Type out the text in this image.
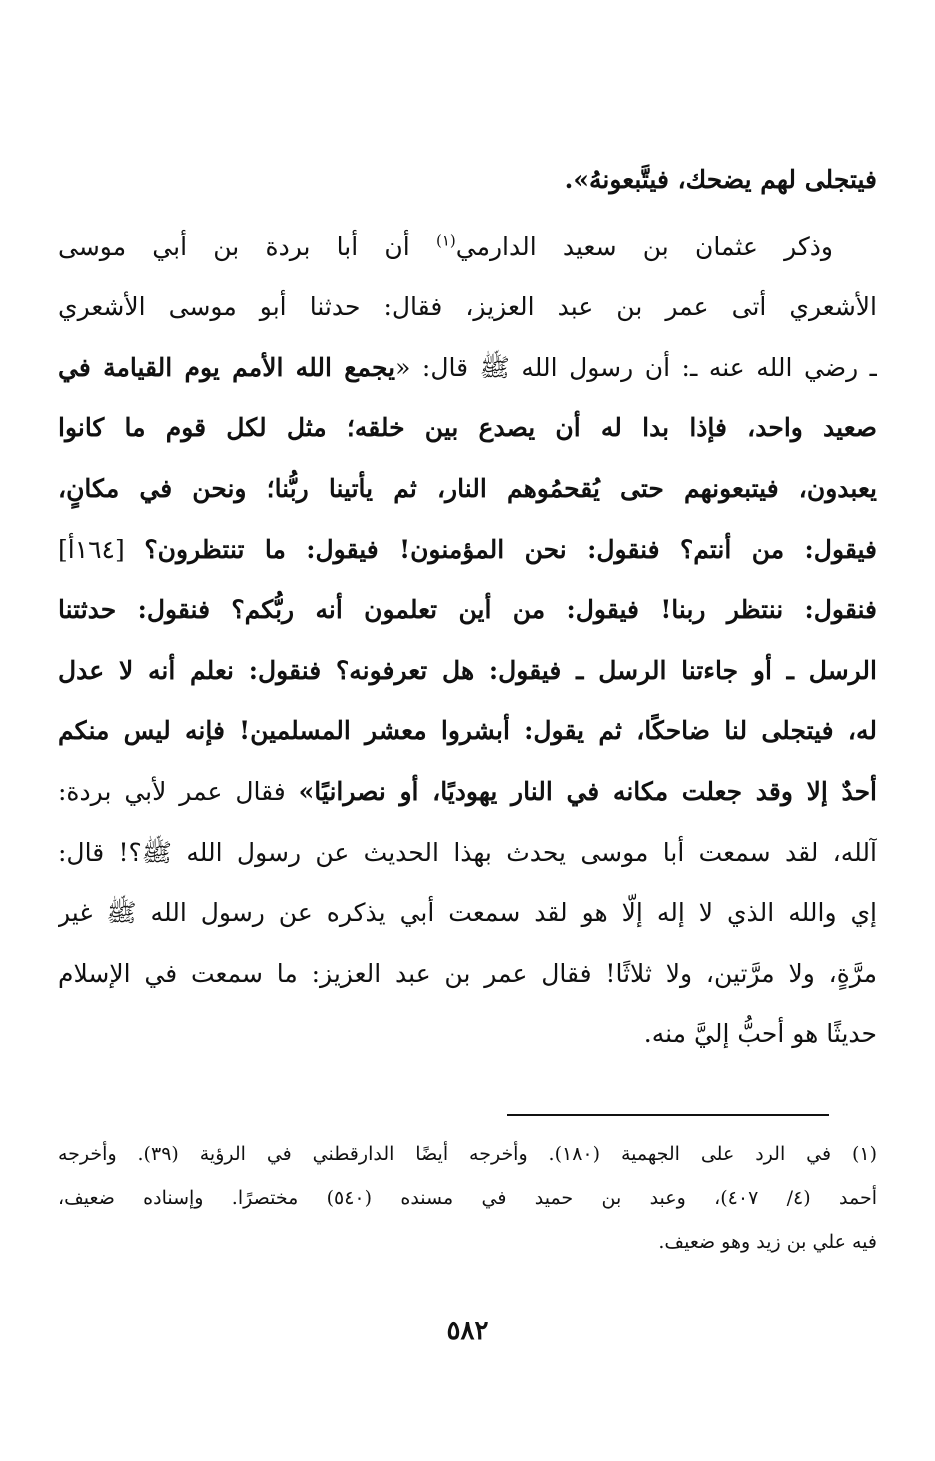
فيتجلى لهم يضحك، فيتَّبعونهُ».
وذكر عثمان بن سعيد الدارمي$^{(١)}$ أن أبا بردة بن أبي موسى
الأشعري أتى عمر بن عبد العزيز، فقال: حدثنا أبو موسى الأشعري
ـ رضي الله عنه ـ: أن رسول الله ﷺ قال: «يجمع الله الأمم يوم القيامة في
صعيد واحد، فإذا بدا له أن يصدع بين خلقه؛ مثل لكل قوم ما كانوا
يعبدون، فيتبعونهم حتى يُقحمُوهم النار، ثم يأتينا ربُّنا؛ ونحن في مكانٍ،
فيقول: من أنتم؟ فنقول: نحن المؤمنون! فيقول: ما تنتظرون؟ [١٦٤أ]
فنقول: ننتظر ربنا! فيقول: من أين تعلمون أنه ربُّكم؟ فنقول: حدثتنا
الرسل ـ أو جاءتنا الرسل ـ فيقول: هل تعرفونه؟ فنقول: نعلم أنه لا عدل
له، فيتجلى لنا ضاحكًا، ثم يقول: أبشروا معشر المسلمين! فإنه ليس منكم
أحدٌ إلا وقد جعلت مكانه في النار يهوديًا، أو نصرانيًا» فقال عمر لأبي بردة:
آلله، لقد سمعت أبا موسى يحدث بهذا الحديث عن رسول الله ﷺ؟! قال:
إي والله الذي لا إله إلّا هو لقد سمعت أبي يذكره عن رسول الله ﷺ غير
مرَّةٍ، ولا مرَّتين، ولا ثلاثًا! فقال عمر بن عبد العزيز: ما سمعت في الإسلام
حديثًا هو أحبُّ إليَّ منه.
(١) في الرد على الجهمية (١٨٠). وأخرجه أيضًا الدارقطني في الرؤية (٣٩). وأخرجه
أحمد (٤/ ٤٠٧)، وعبد بن حميد في مسنده (٥٤٠) مختصرًا. وإسناده ضعيف،
فيه علي بن زيد وهو ضعيف.
٥٨٢
